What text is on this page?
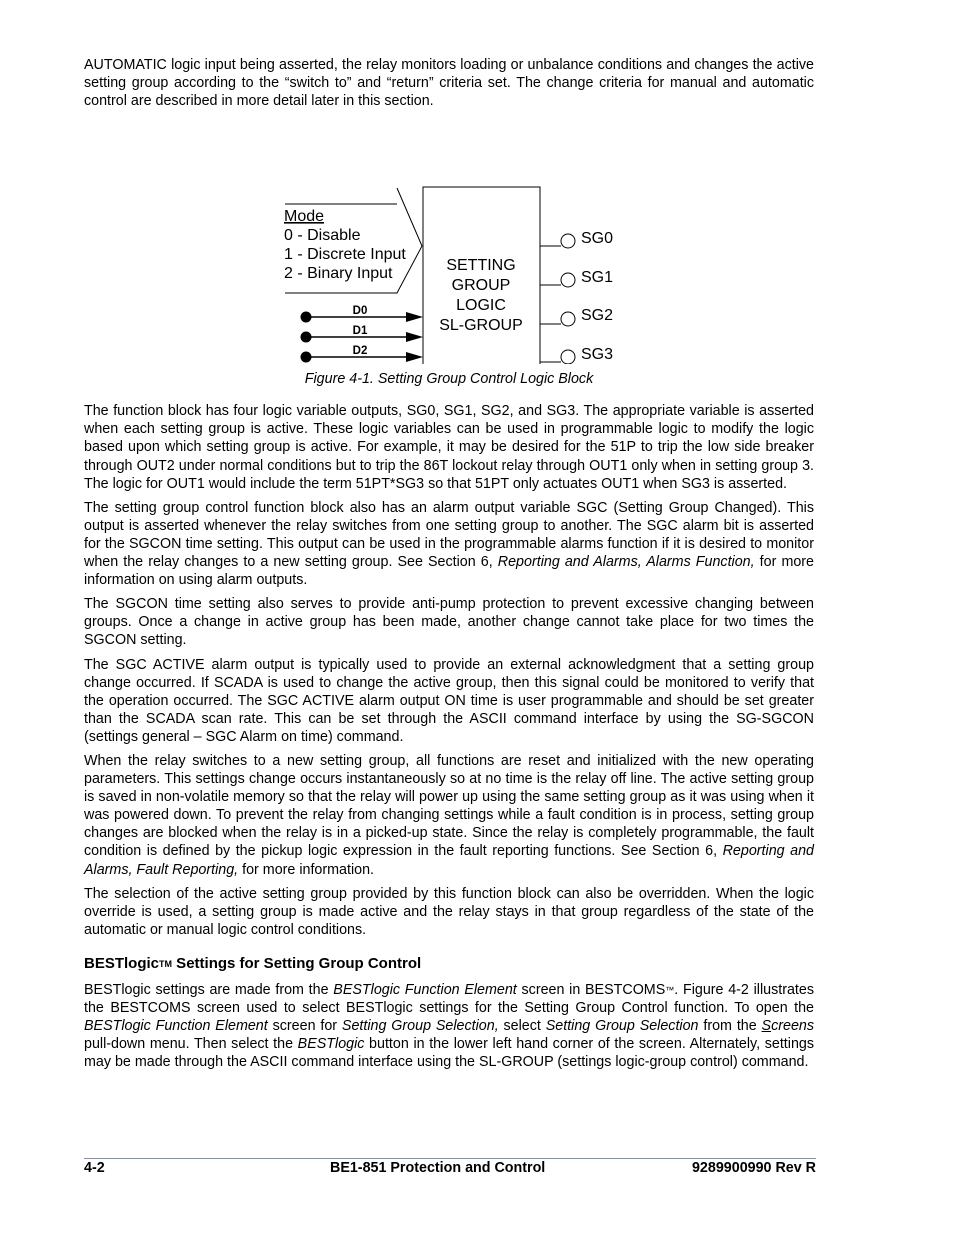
AUTOMATIC logic input being asserted, the relay monitors loading or unbalance conditions and changes the active setting group according to the “switch to” and “return” criteria set. The change criteria for manual and automatic control are described in more detail later in this section.

Mode
0 - Disable
1 - Discrete Input
2 - Binary Input	SETTING
GROUP
LOGIC
SL-GROUP
D0
D1
D2
SG0
SG1
SG2
SG3
Figure 4-1. Setting Group Control Logic Block

The function block has four logic variable outputs, SG0, SG1, SG2, and SG3. The appropriate variable is asserted when each setting group is active. These logic variables can be used in programmable logic to modify the logic based upon which setting group is active. For example, it may be desired for the 51P to trip the low side breaker through OUT2 under normal conditions but to trip the 86T lockout relay through OUT1 only when in setting group 3. The logic for OUT1 would include the term 51PT*SG3 so that 51PT only actuates OUT1 when SG3 is asserted.

The setting group control function block also has an alarm output variable SGC (Setting Group Changed). This output is asserted whenever the relay switches from one setting group to another. The SGC alarm bit is asserted for the SGCON time setting. This output can be used in the programmable alarms function if it is desired to monitor when the relay changes to a new setting group. See Section 6, Reporting and Alarms, Alarms Function, for more information on using alarm outputs.

The SGCON time setting also serves to provide anti-pump protection to prevent excessive changing between groups. Once a change in active group has been made, another change cannot take place for two times the SGCON setting.

The SGC ACTIVE alarm output is typically used to provide an external acknowledgment that a setting group change occurred. If SCADA is used to change the active group, then this signal could be monitored to verify that the operation occurred. The SGC ACTIVE alarm output ON time is user programmable and should be set greater than the SCADA scan rate. This can be set through the ASCII command interface by using the SG-SGCON (settings general – SGC Alarm on time) command.

When the relay switches to a new setting group, all functions are reset and initialized with the new operating parameters. This settings change occurs instantaneously so at no time is the relay off line. The active setting group is saved in non-volatile memory so that the relay will power up using the same setting group as it was using when it was powered down. To prevent the relay from changing settings while a fault condition is in process, setting group changes are blocked when the relay is in a picked-up state. Since the relay is completely programmable, the fault condition is defined by the pickup logic expression in the fault reporting functions. See Section 6, Reporting and Alarms, Fault Reporting, for more information.

The selection of the active setting group provided by this function block can also be overridden. When the logic override is used, a setting group is made active and the relay stays in that group regardless of the state of the automatic or manual logic control conditions.

BESTlogicTM Settings for Setting Group Control

BESTlogic settings are made from the BESTlogic Function Element screen in BESTCOMS™. Figure 4-2 illustrates the BESTCOMS screen used to select BESTlogic settings for the Setting Group Control function. To open the BESTlogic Function Element screen for Setting Group Selection, select Setting Group Selection from the Screens pull-down menu. Then select the BESTlogic button in the lower left hand corner of the screen. Alternately, settings may be made through the ASCII command interface using the SL-GROUP (settings logic-group control) command.

4-2	BE1-851 Protection and Control	9289900990 Rev R
